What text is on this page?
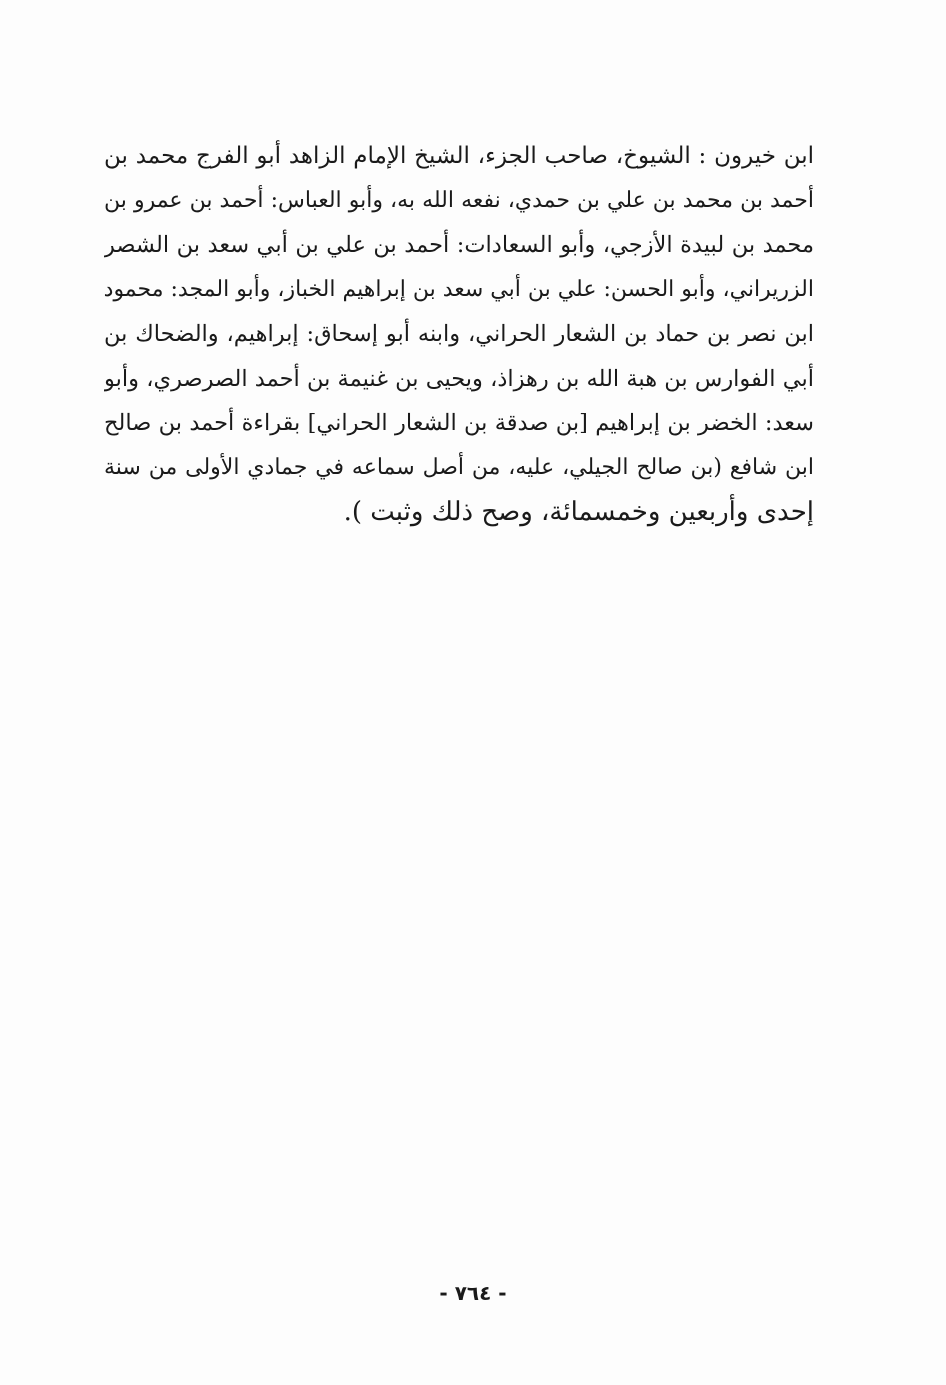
ابن خيرون : الشيوخ، صاحب الجزء، الشيخ الإمام الزاهد أبو الفرج محمد بن
أحمد بن محمد بن علي بن حمدي، نفعه الله به، وأبو العباس: أحمد بن عمرو بن
محمد بن لبيدة الأزجي، وأبو السعادات: أحمد بن علي بن أبي سعد بن الشصر
الزريراني، وأبو الحسن: علي بن أبي سعد بن إبراهيم الخباز، وأبو المجد: محمود
ابن نصر بن حماد بن الشعار الحراني، وابنه أبو إسحاق: إبراهيم، والضحاك بن
أبي الفوارس بن هبة الله بن رهزاذ، ويحيى بن غنيمة بن أحمد الصرصري، وأبو
سعد: الخضر بن إبراهيم [بن صدقة بن الشعار الحراني] بقراءة أحمد بن صالح
ابن شافع (بن صالح الجيلي، عليه، من أصل سماعه في جمادي الأولى من سنة
إحدى وأربعين وخمسمائة، وصح ذلك وثبت ).
- ٧٦٤ -
